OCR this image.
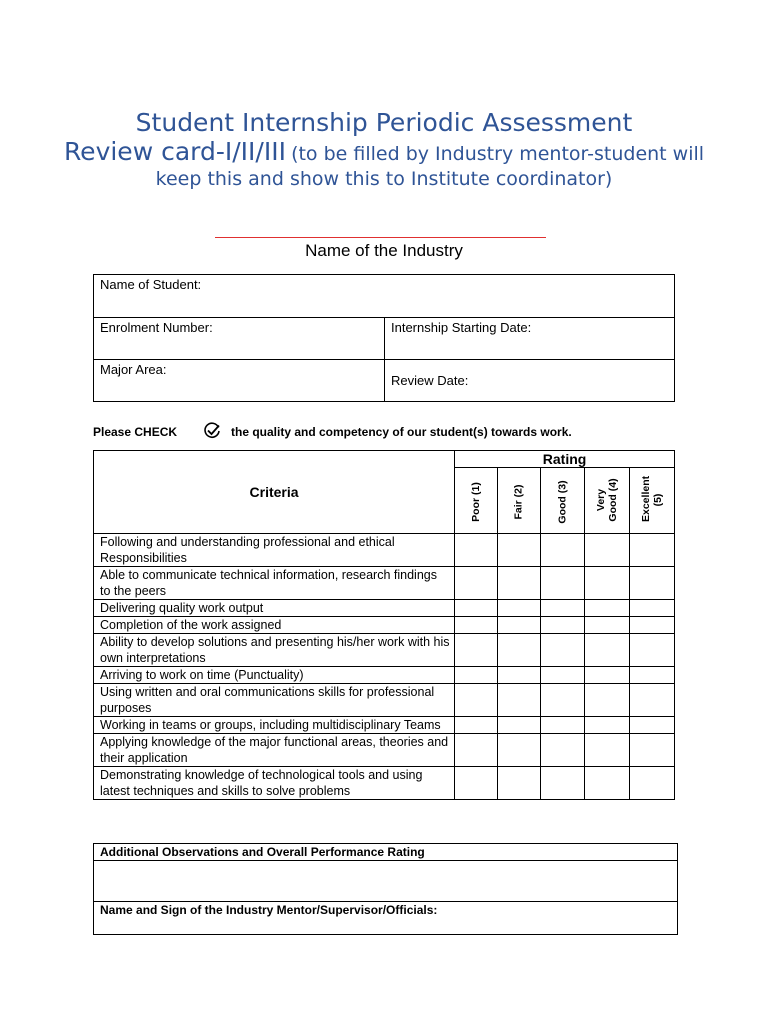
Student Internship Periodic Assessment
Review card-I/II/III (to be filled by Industry mentor-student will keep this and show this to Institute coordinator)
Name of the Industry
Name of Student:	
Enrolment Number:	Internship Starting Date:
Major Area:	Review Date:
Please CHECK	the quality and competency of our student(s) towards work.
Criteria	Rating				
	Poor (1)	Fair (2)	Good (3)	Very Good (4)	Excellent (5)
Following and understanding professional and ethical Responsibilities					
Able to communicate technical information, research findings to the peers					
Delivering quality work output					
Completion of the work assigned					
Ability to develop solutions and presenting his/her work with his own interpretations					
Arriving to work on time (Punctuality)					
Using written and oral communications skills for professional purposes					
Working in teams or groups, including multidisciplinary Teams					
Applying knowledge of the major functional areas, theories and their application					
Demonstrating knowledge of technological tools and using latest techniques and skills to solve problems					
Additional Observations and Overall Performance Rating

Name and Sign of the Industry Mentor/Supervisor/Officials:
